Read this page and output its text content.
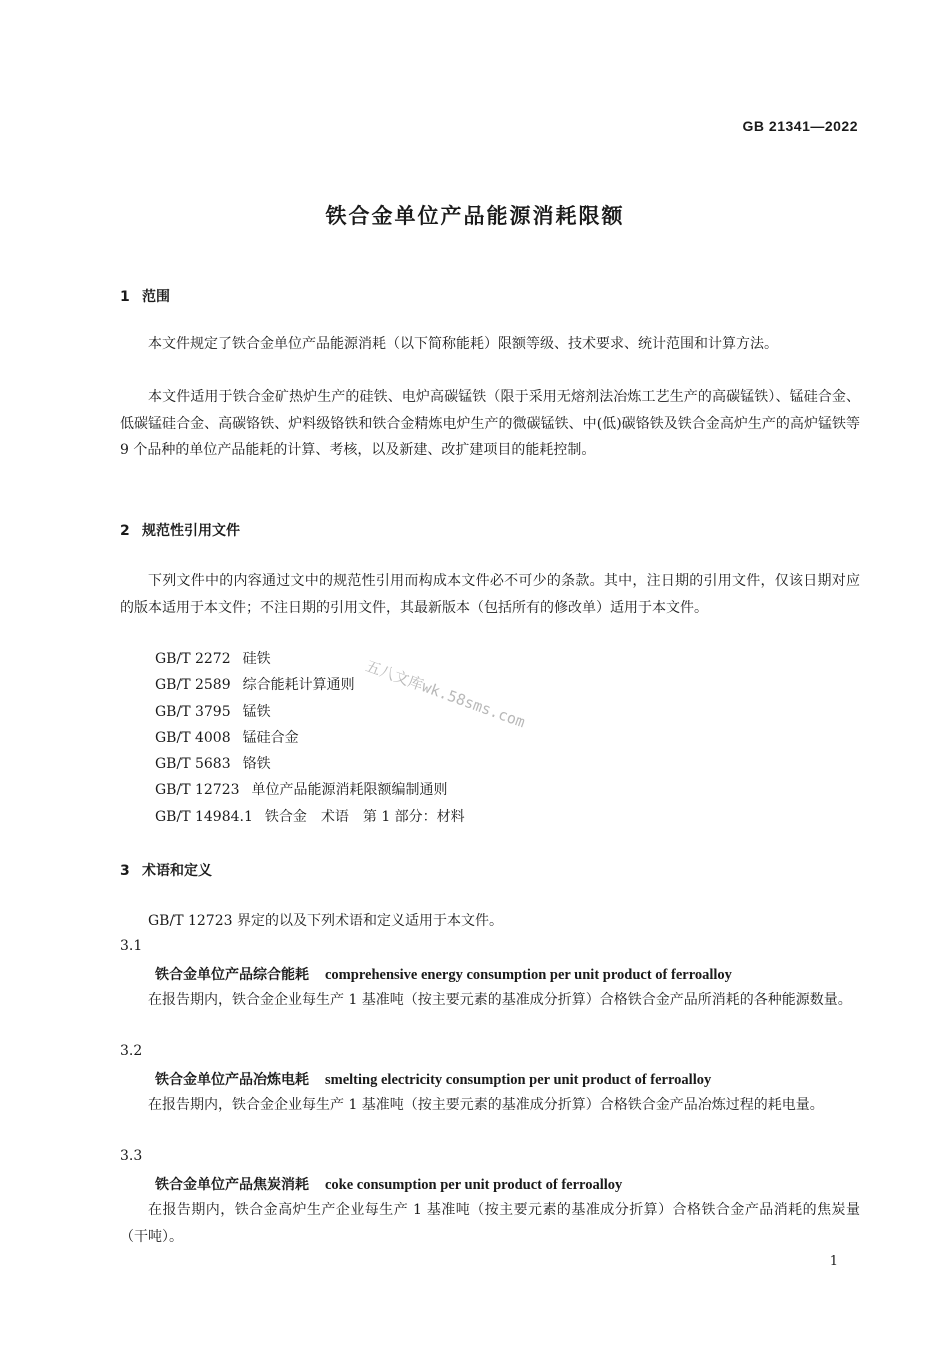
GB 21341—2022
铁合金单位产品能源消耗限额
1 范围
本文件规定了铁合金单位产品能源消耗（以下简称能耗）限额等级、技术要求、统计范围和计算方法。
本文件适用于铁合金矿热炉生产的硅铁、电炉高碳锰铁（限于采用无熔剂法冶炼工艺生产的高碳锰铁）、锰硅合金、低碳锰硅合金、高碳铬铁、炉料级铬铁和铁合金精炼电炉生产的微碳锰铁、中(低)碳铬铁及铁合金高炉生产的高炉锰铁等 9 个品种的单位产品能耗的计算、考核，以及新建、改扩建项目的能耗控制。
2 规范性引用文件
下列文件中的内容通过文中的规范性引用而构成本文件必不可少的条款。其中，注日期的引用文件，仅该日期对应的版本适用于本文件；不注日期的引用文件，其最新版本（包括所有的修改单）适用于本文件。
GB/T 2272 硅铁
GB/T 2589 综合能耗计算通则
GB/T 3795 锰铁
GB/T 4008 锰硅合金
GB/T 5683 铬铁
GB/T 12723 单位产品能源消耗限额编制通则
GB/T 14984.1 铁合金　术语　第 1 部分：材料
3 术语和定义
GB/T 12723 界定的以及下列术语和定义适用于本文件。
3.1
铁合金单位产品综合能耗 comprehensive energy consumption per unit product of ferroalloy
在报告期内，铁合金企业每生产 1 基准吨（按主要元素的基准成分折算）合格铁合金产品所消耗的各种能源数量。
3.2
铁合金单位产品冶炼电耗 smelting electricity consumption per unit product of ferroalloy
在报告期内，铁合金企业每生产 1 基准吨（按主要元素的基准成分折算）合格铁合金产品冶炼过程的耗电量。
3.3
铁合金单位产品焦炭消耗 coke consumption per unit product of ferroalloy
在报告期内，铁合金高炉生产企业每生产 1 基准吨（按主要元素的基准成分折算）合格铁合金产品消耗的焦炭量（干吨）。
五八文库wk.58sms.com
1
